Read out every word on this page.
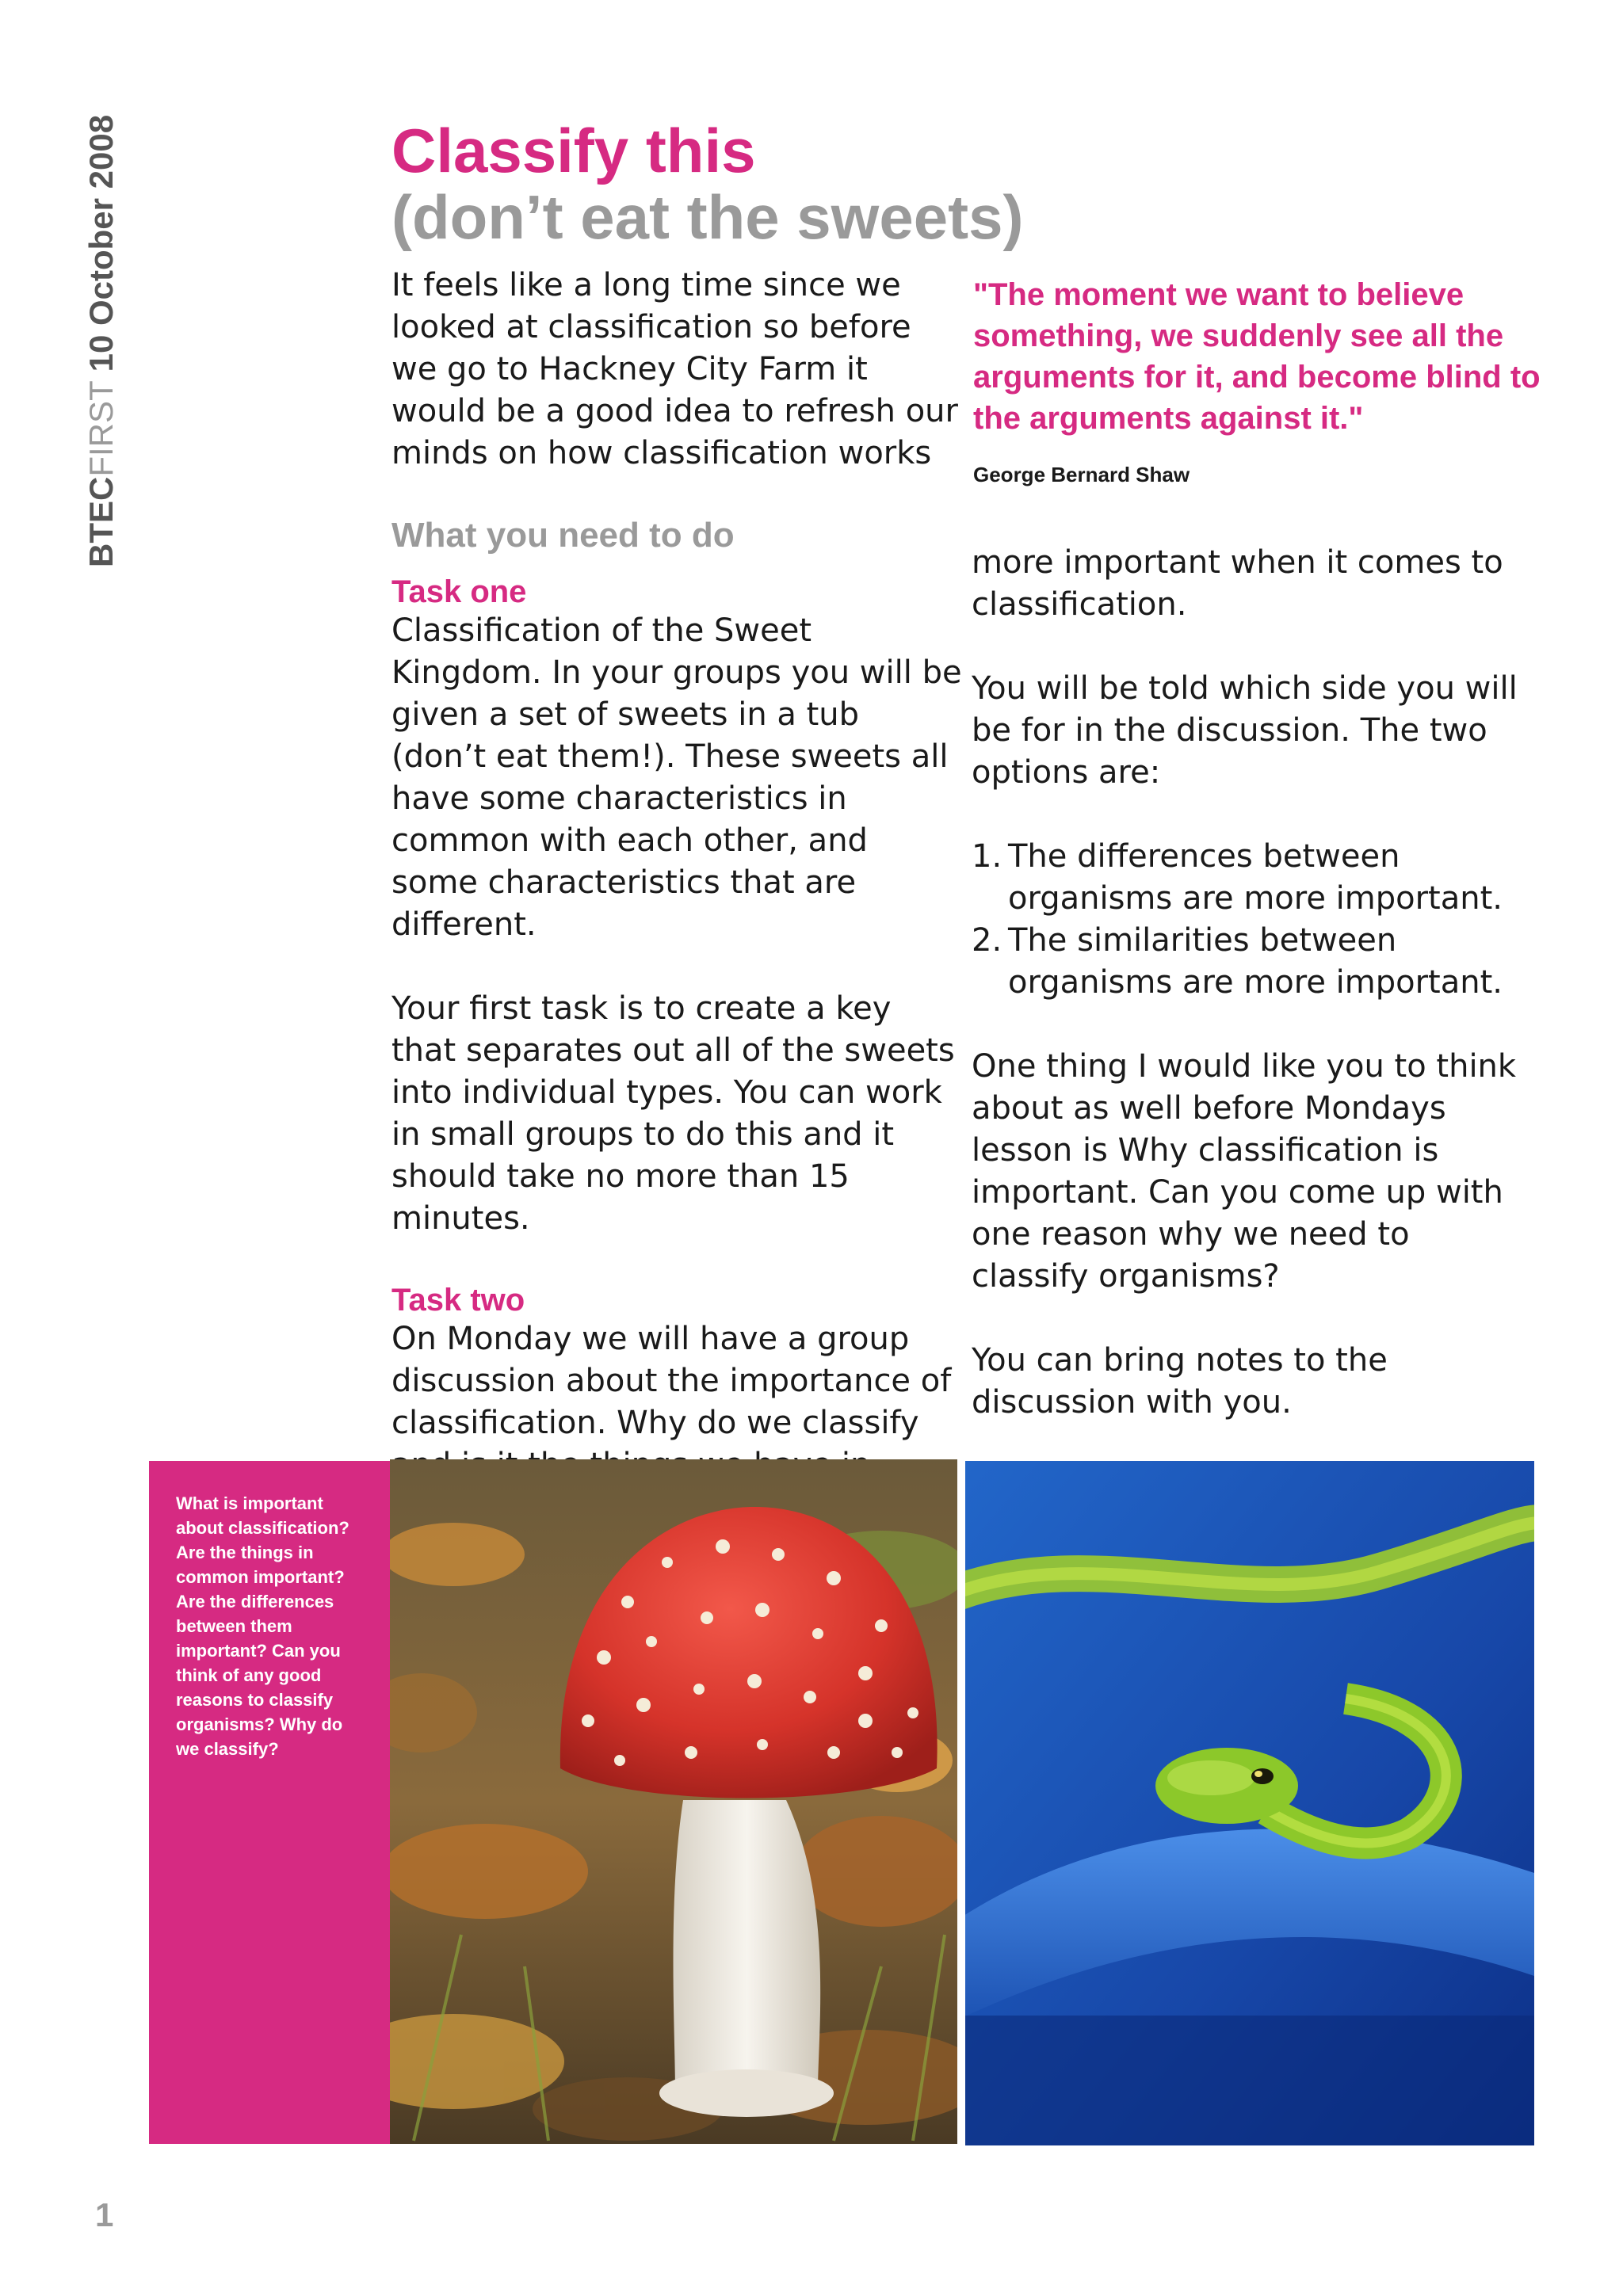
BTECFIRST 10 October 2008	Classify this
(don’t eat the sweets)

It feels like a long time since we looked at classification so before we go to Hackney City Farm it would be a good idea to refresh our minds on how classification works

What you need to do
Task one

Classification of the Sweet Kingdom. In your groups you will be given a set of sweets in a tub (don’t eat them!). These sweets all have some characteristics in common with each other, and some characteristics that are different.

Your first task is to create a key that separates out all of the sweets into individual types. You can work in small groups to do this and it should take no more than 15 minutes.

Task two

On Monday we will have a group discussion about the importance of classification. Why do we classify

"The moment we want to believe something, we suddenly see all the arguments for it, and become blind to the arguments against it."
George Bernard Shaw

more important when it comes to classification.

You will be told which side you will be for in the discussion. The two options are:

1. The differences between organisms are more important.
2. The similarities between organisms are more important.

One thing I would like you to think about as well before Mondays lesson is Why classification is important. Can you come up with one reason why we need to classify organisms?

You can bring notes to the discussion with you.

What is important about classification? Are the things in common important? Are the differences between them important? Can you think of any good reasons to classify organisms? Why do we classify?
1
